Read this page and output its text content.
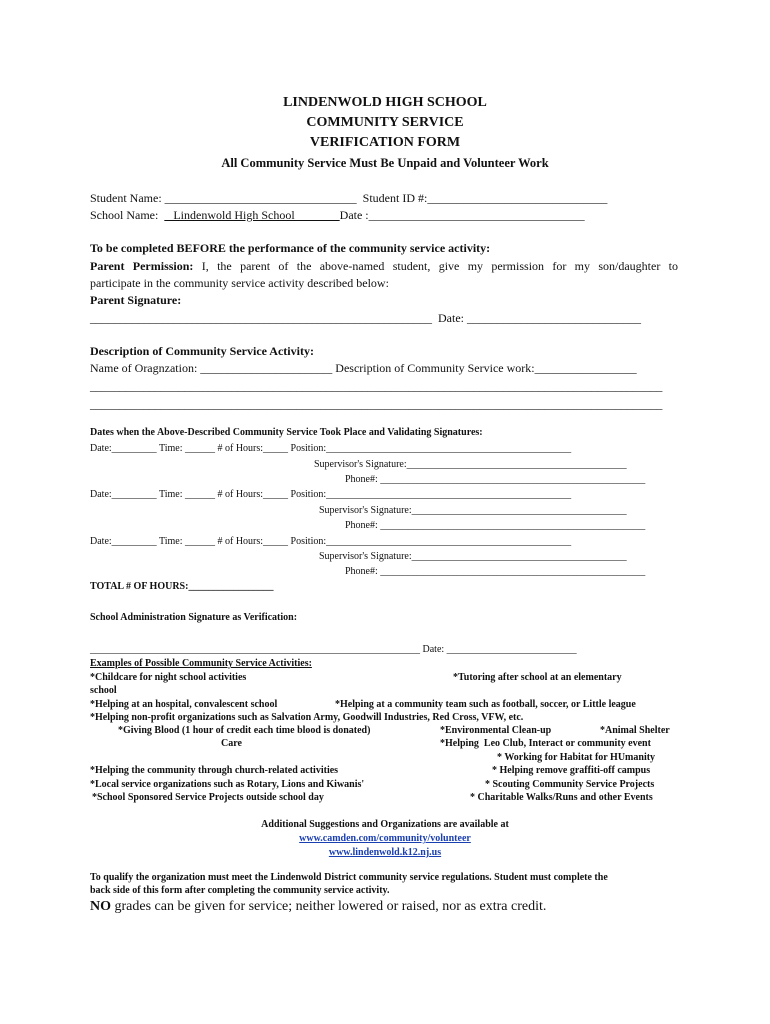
LINDENWOLD HIGH SCHOOL
COMMUNITY SERVICE
VERIFICATION FORM
All Community Service Must Be Unpaid and Volunteer Work
Student Name: ________________________________  Student ID #:______________________________
School Name:     Lindenwold High School               Date :____________________________________
To be completed BEFORE the performance of the community service activity:
Parent Permission: I, the parent of the above-named student, give my permission for my son/daughter to
participate in the community service activity described below:
Parent Signature:
_________________________________________________________  Date: _____________________________
Description of Community Service Activity:
Name of Oragnzation: ______________________ Description of Community Service work:_________________
_________________________________________________________________________________________________
_________________________________________________________________________________________________
Dates when the Above-Described Community Service Took Place and Validating Signatures:
Date:_________ Time: ______ # of Hours:_____ Position:_________________________________________________
Supervisor's Signature:____________________________________________
Phone#: _____________________________________________________
Date:_________ Time: ______ # of Hours:_____ Position:_________________________________________________
Supervisor's Signature:___________________________________________
Phone#: _____________________________________________________
Date:_________ Time: ______ # of Hours:_____ Position:_________________________________________________
Supervisor's Signature:___________________________________________
Phone#: _____________________________________________________
TOTAL # OF HOURS:_________________
School Administration Signature as Verification:
__________________________________________________________________ Date: __________________________
Examples of Possible Community Service Activities:
*Childcare for night school activities	*Tutoring after school at an elementary
school
*Helping at an hospital, convalescent school	*Helping at a community team such as football, soccer, or Little league
*Helping non-profit organizations such as Salvation Army, Goodwill Industries, Red Cross, VFW, etc.
*Giving Blood (1 hour of credit each time blood is donated)	*Environmental Clean-up	*Animal Shelter
Care	*Helping  Leo Club, Interact or community event
* Working for Habitat for HUmanity
*Helping the community through church-related activities	* Helping remove graffiti-off campus
*Local service organizations such as Rotary, Lions and Kiwanis'	* Scouting Community Service Projects
*School Sponsored Service Projects outside school day	* Charitable Walks/Runs and other Events
Additional Suggestions and Organizations are available at
www.camden.com/community/volunteer
www.lindenwold.k12.nj.us
To qualify the organization must meet the Lindenwold District community service regulations. Student must complete the
back side of this form after completing the community service activity.
NO grades can be given for service; neither lowered or raised, nor as extra credit.
